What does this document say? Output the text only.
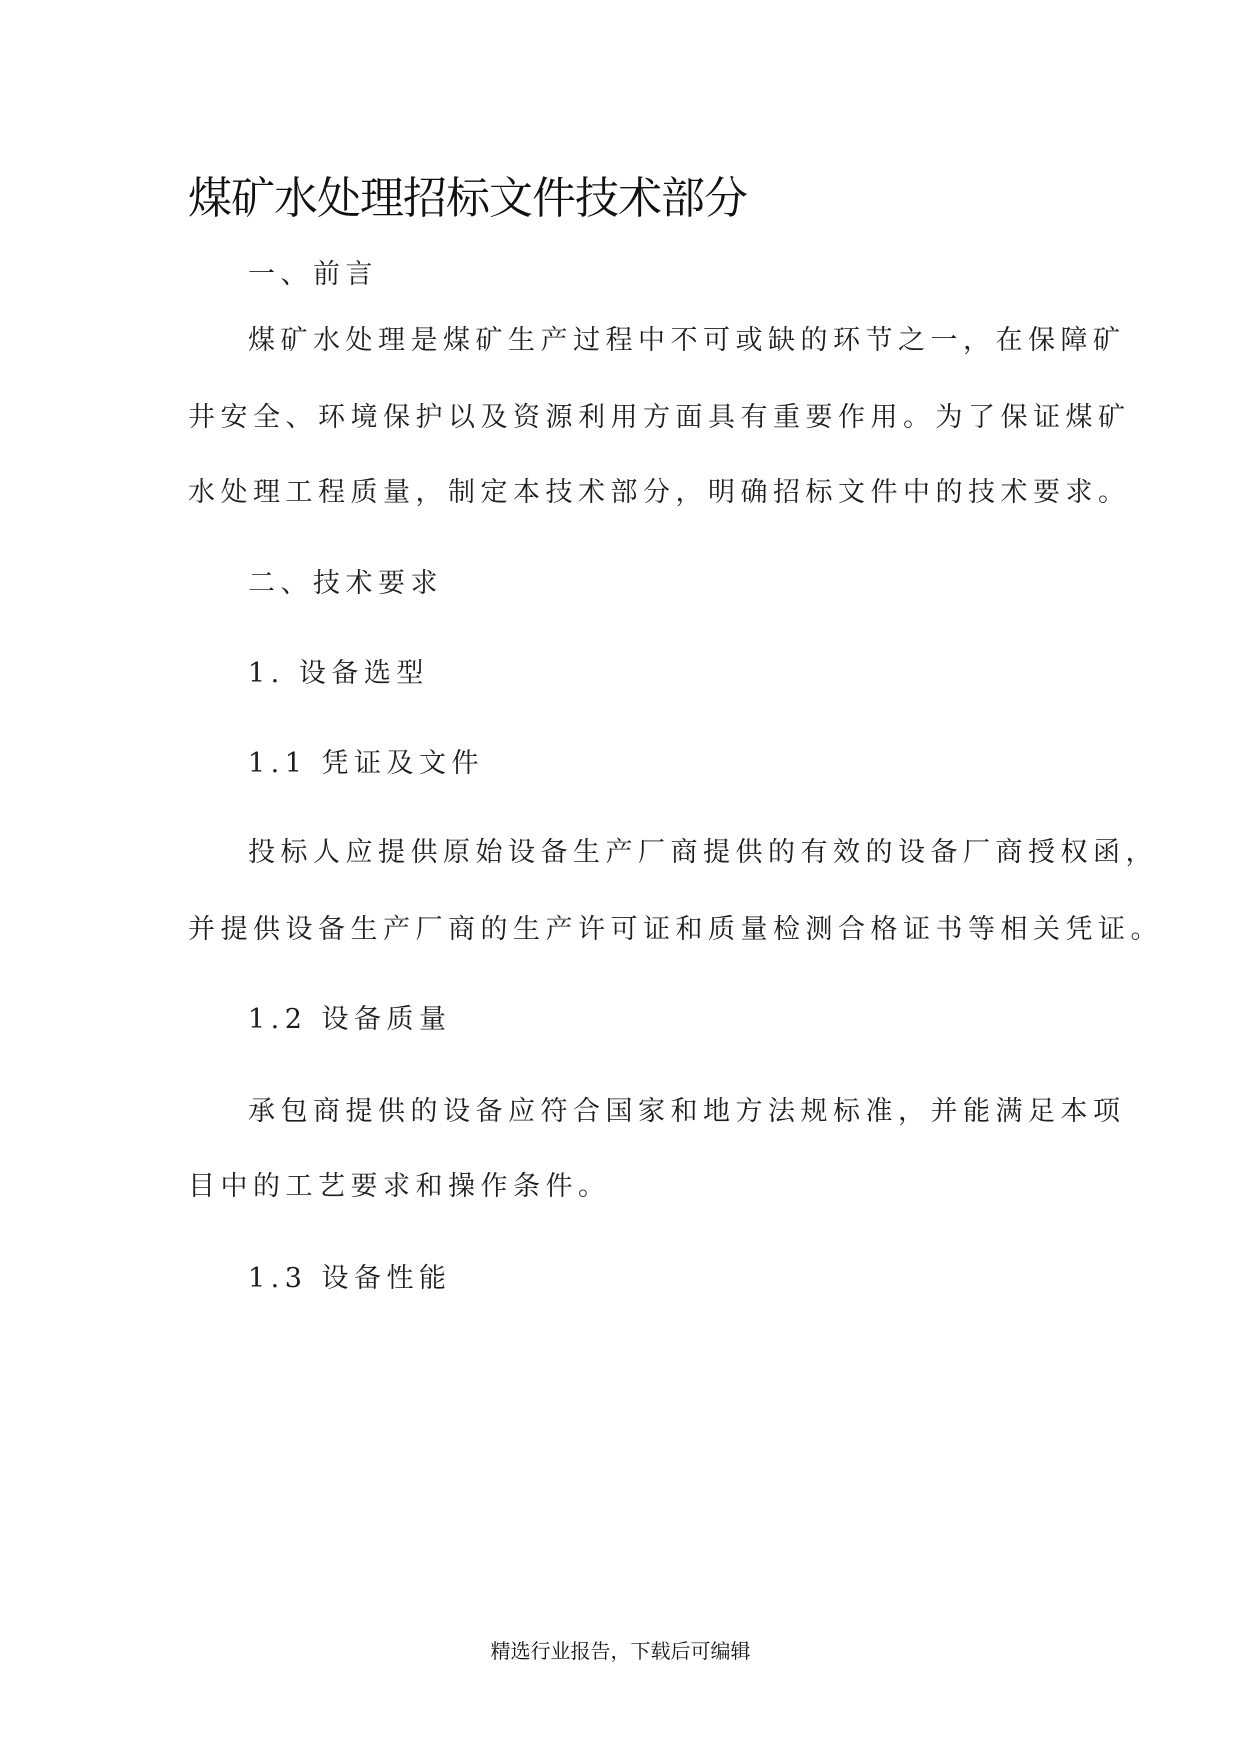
煤矿水处理招标文件技术部分
一、前言
煤矿水处理是煤矿生产过程中不可或缺的环节之一，在保障矿
井安全、环境保护以及资源利用方面具有重要作用。为了保证煤矿
水处理工程质量，制定本技术部分，明确招标文件中的技术要求。
二、技术要求
1. 设备选型
1.1 凭证及文件
投标人应提供原始设备生产厂商提供的有效的设备厂商授权函，
并提供设备生产厂商的生产许可证和质量检测合格证书等相关凭证。
1.2 设备质量
承包商提供的设备应符合国家和地方法规标准，并能满足本项
目中的工艺要求和操作条件。
1.3 设备性能
精选行业报告，下载后可编辑
